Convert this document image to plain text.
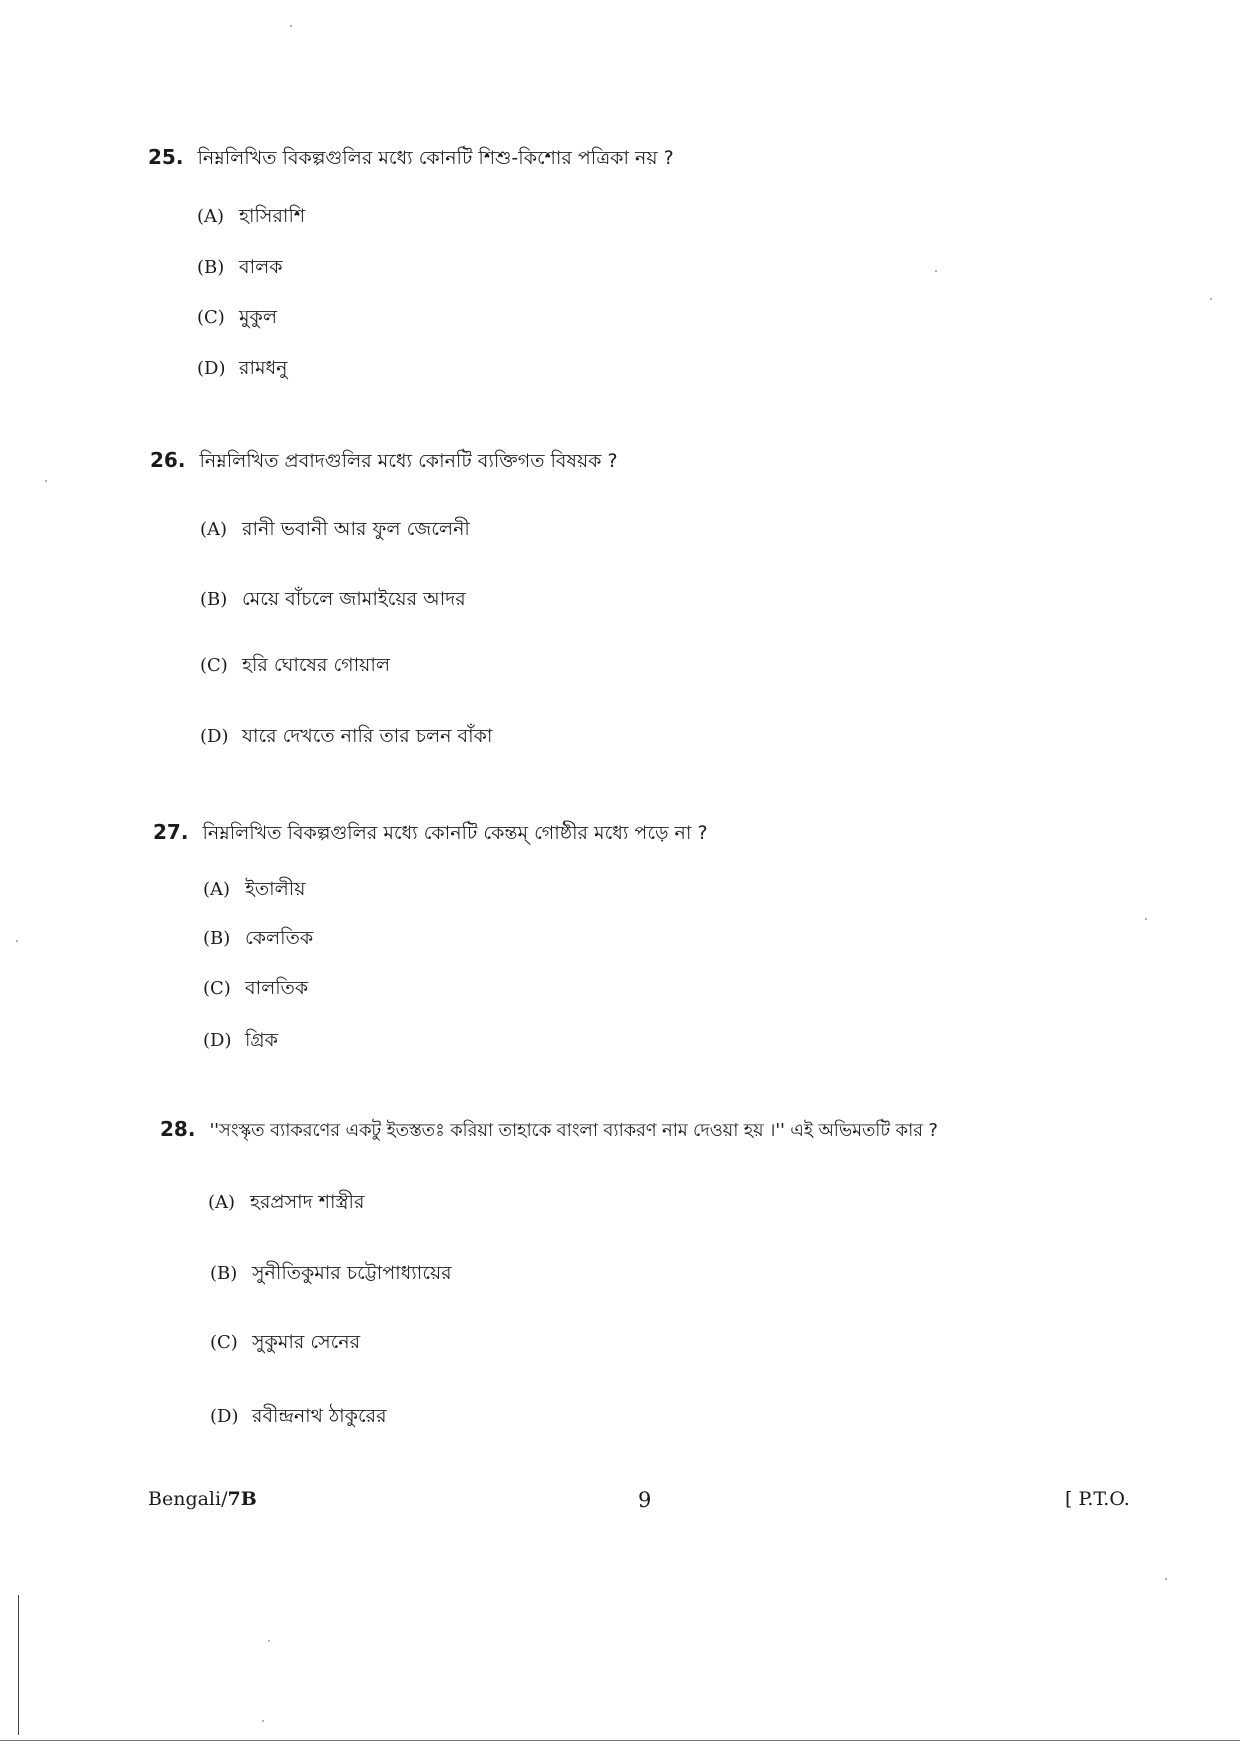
25. নিম্নলিখিত বিকল্পগুলির মধ্যে কোনটি শিশু-কিশোর পত্রিকা নয় ?
(A) হাসিরাশি
(B) বালক
(C) মুকুল
(D) রামধনু
26. নিম্নলিখিত প্রবাদগুলির মধ্যে কোনটি ব্যক্তিগত বিষয়ক ?
(A) রানী ভবানী আর ফুল জেলেনী
(B) মেয়ে বাঁচলে জামাইয়ের আদর
(C) হরি ঘোষের গোয়াল
(D) যারে দেখতে নারি তার চলন বাঁকা
27. নিম্নলিখিত বিকল্পগুলির মধ্যে কোনটি কেন্তম্ গোষ্ঠীর মধ্যে পড়ে না ?
(A) ইতালীয়
(B) কেলতিক
(C) বালতিক
(D) গ্রিক
28. ''সংস্কৃত ব্যাকরণের একটু ইতস্ততঃ করিয়া তাহাকে বাংলা ব্যাকরণ নাম দেওয়া হয় ।'' এই অভিমতটি কার ?
(A) হরপ্রসাদ শাস্ত্রীর
(B) সুনীতিকুমার চট্টোপাধ্যায়ের
(C) সুকুমার সেনের
(D) রবীন্দ্রনাথ ঠাকুরের
Bengali/7B	9	[ P.T.O.
